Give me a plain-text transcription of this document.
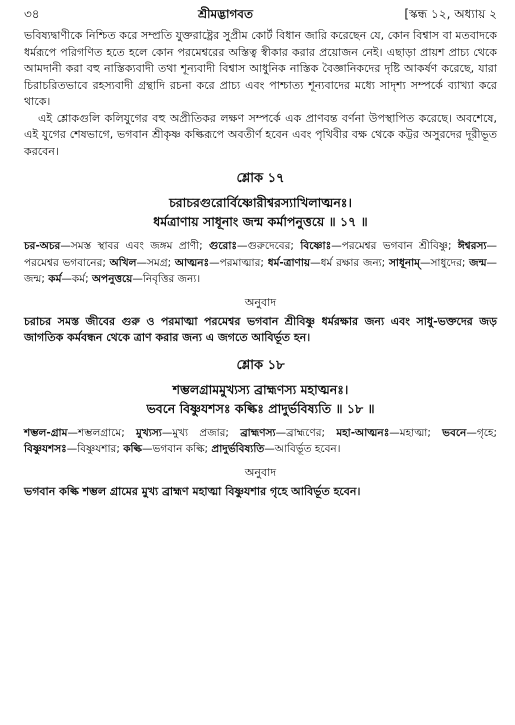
৩৪	শ্রীমদ্ভাগবত	[স্কন্ধ ১২, অধ্যায় ২

ভবিষ্যদ্বাণীকে নিশ্চিত করে সম্প্রতি যুক্তরাষ্ট্রের সুপ্রীম কোর্ট বিধান জারি করেছেন যে, কোন বিশ্বাস বা মতবাদকে ধর্মরূপে পরিগণিত হতে হলে কোন পরমেশ্বরের অস্তিত্ব স্বীকার করার প্রয়োজন নেই। এছাড়া প্রায়শ প্রাচ্য থেকে আমদানী করা বহু নাস্তিক্যবাদী তথা শূন্যবাদী বিশ্বাস আধুনিক নাস্তিক বৈজ্ঞানিকদের দৃষ্টি আকর্ষণ করেছে, যারা চিরাচরিতভাবে রহস্যবাদী গ্রন্থাদি রচনা করে প্রাচ্য এবং পাশ্চাত্য শূন্যবাদের মধ্যে সাদৃশ্য সম্পর্কে ব্যাখ্যা করে থাকে।

এই শ্লোকগুলি কলিযুগের বহু অপ্রীতিকর লক্ষণ সম্পর্কে এক প্রাণবন্ত বর্ণনা উপস্থাপিত করেছে। অবশেষে, এই যুগের শেষভাগে, ভগবান শ্রীকৃষ্ণ কল্কিরূপে অবতীর্ণ হবেন এবং পৃথিবীর বক্ষ থেকে কট্টর অসুরদের দূরীভূত করবেন।

শ্লোক ১৭

চরাচরগুরোর্বিষ্ণোরীশ্বরস্যাখিলাত্মনঃ।

ধর্মত্রাণায় সাধূনাং জন্ম কর্মাপনুত্তয়ে ॥ ১৭ ॥

চর-অচর—সমস্ত স্থাবর এবং জঙ্গম প্রাণী; গুরোঃ—গুরুদেবের; বিষ্ণোঃ—পরমেশ্বর ভগবান শ্রীবিষ্ণু; ঈশ্বরস্য—পরমেশ্বর ভগবানের; অখিল—সমগ্র; আত্মনঃ—পরমাত্মার; ধর্ম-ত্রাণায়—ধর্ম রক্ষার জন্য; সাধূনাম্—সাধুদের; জন্ম—জন্ম; কর্ম—কর্ম; অপনুত্তয়ে—নিবৃত্তির জন্য।

অনুবাদ

চরাচর সমস্ত জীবের গুরু ও পরমাত্মা পরমেশ্বর ভগবান শ্রীবিষ্ণু ধর্মরক্ষার জন্য এবং সাধু-ভক্তদের জড় জাগতিক কর্মবন্ধন থেকে ত্রাণ করার জন্য এ জগতে আবির্ভূত হন।

শ্লোক ১৮

শম্ভলগ্রামমুখ্যস্য ব্রাহ্মণস্য মহাত্মনঃ।

ভবনে বিষ্ণুযশসঃ কল্কিঃ প্রাদুর্ভবিষ্যতি ॥ ১৮ ॥

শম্ভল-গ্রাম—শম্ভলগ্রামে; মুখ্যস্য—মুখ্য প্রজার; ব্রাহ্মণস্য—ব্রাহ্মণের; মহা-আত্মনঃ—মহাত্মা; ভবনে—গৃহে; বিষ্ণুযশসঃ—বিষ্ণুযশার; কল্কি—ভগবান কল্কি; প্রাদুর্ভবিষ্যতি—আবির্ভূত হবেন।

অনুবাদ

ভগবান কল্কি শম্ভল গ্রামের মুখ্য ব্রাহ্মণ মহাত্মা বিষ্ণুযশার গৃহে আবির্ভূত হবেন।
